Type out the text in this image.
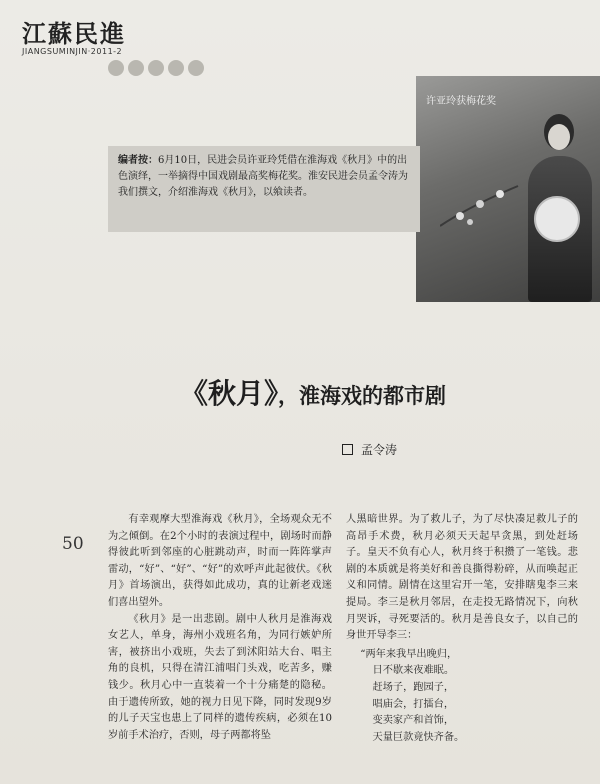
江蘇民進
JIANGSUMINJIN·2011-2
许亚玲获梅花奖
编者按：6月10日，民进会员许亚玲凭借在淮海戏《秋月》中的出色演绎，一举摘得中国戏剧最高奖梅花奖。淮安民进会员孟令涛为我们撰文，介绍淮海戏《秋月》，以飨读者。
《秋月》，淮海戏的都市剧
孟令涛
50

有幸观摩大型淮海戏《秋月》，全场观众无不为之倾倒。在2个小时的表演过程中，剧场时而静得彼此听到邻座的心脏跳动声，时而一阵阵掌声雷动，“好”、“好”、“好”的欢呼声此起彼伏。《秋月》首场演出，获得如此成功，真的让新老戏迷们喜出望外。

《秋月》是一出悲剧。剧中人秋月是淮海戏女艺人，单身，海州小戏班名角，为同行嫉妒所害，被挤出小戏班，失去了到沭阳站大台、唱主角的良机，只得在清江浦唱门头戏，吃苦多，赚钱少。秋月心中一直装着一个十分痛楚的隐秘。由于遗传所致，她的视力日见下降，同时发现9岁的儿子天宝也患上了同样的遗传疾病，必须在10岁前手术治疗，否则，母子两都将坠

人黑暗世界。为了救儿子，为了尽快凑足救儿子的高昂手术费，秋月必须天天起早贪黑，到处赶场子。皇天不负有心人，秋月终于积攒了一笔钱。悲剧的本质就是将美好和善良撕得粉碎，从而唤起正义和同情。剧情在这里宕开一笔，安排瞎鬼李三来提局。李三是秋月邻居，在走投无路情况下，向秋月哭诉，寻死要活的。秋月是善良女子，以自己的身世开导李三：

“两年来我早出晚归，
日不歇来夜难眠。
赶场子，跑园子，
唱庙会，打擂台，
变卖家产和首饰，
天量巨款竟快齐备。
